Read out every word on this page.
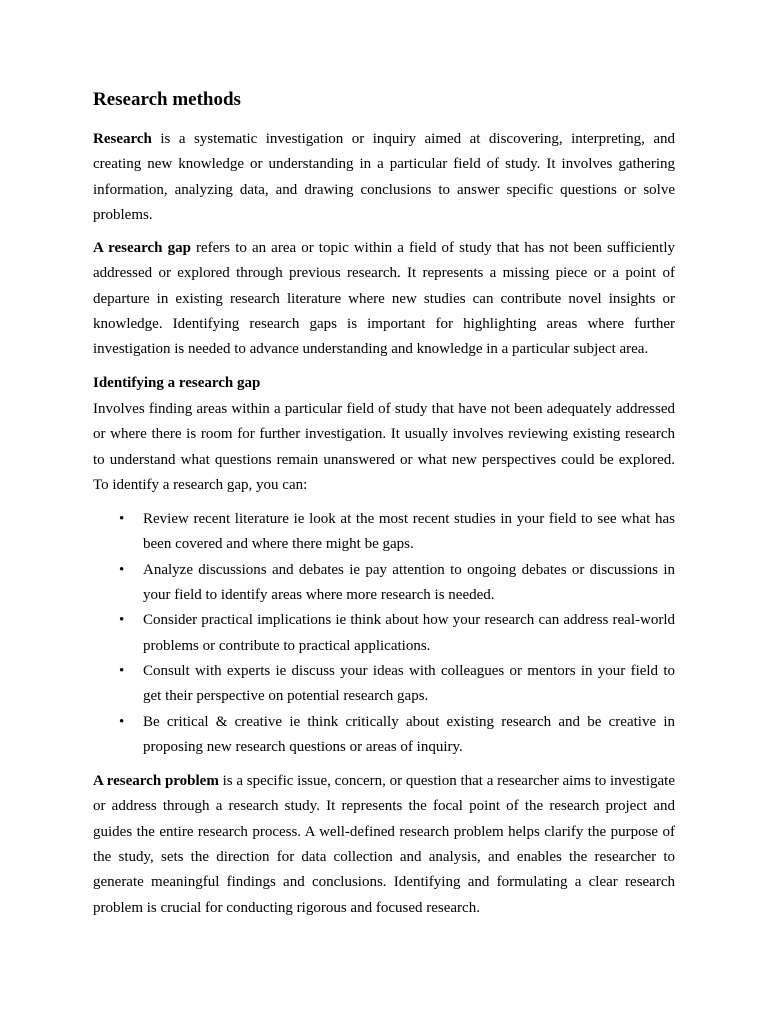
Research methods

Research is a systematic investigation or inquiry aimed at discovering, interpreting, and creating new knowledge or understanding in a particular field of study. It involves gathering information, analyzing data, and drawing conclusions to answer specific questions or solve problems.

A research gap refers to an area or topic within a field of study that has not been sufficiently addressed or explored through previous research. It represents a missing piece or a point of departure in existing research literature where new studies can contribute novel insights or knowledge. Identifying research gaps is important for highlighting areas where further investigation is needed to advance understanding and knowledge in a particular subject area.

Identifying a research gap

Involves finding areas within a particular field of study that have not been adequately addressed or where there is room for further investigation. It usually involves reviewing existing research to understand what questions remain unanswered or what new perspectives could be explored. To identify a research gap, you can:

• Review recent literature ie look at the most recent studies in your field to see what has been covered and where there might be gaps.
• Analyze discussions and debates ie pay attention to ongoing debates or discussions in your field to identify areas where more research is needed.
• Consider practical implications ie think about how your research can address real-world problems or contribute to practical applications.
• Consult with experts ie discuss your ideas with colleagues or mentors in your field to get their perspective on potential research gaps.
• Be critical & creative ie think critically about existing research and be creative in proposing new research questions or areas of inquiry.

A research problem is a specific issue, concern, or question that a researcher aims to investigate or address through a research study. It represents the focal point of the research project and guides the entire research process. A well-defined research problem helps clarify the purpose of the study, sets the direction for data collection and analysis, and enables the researcher to generate meaningful findings and conclusions. Identifying and formulating a clear research problem is crucial for conducting rigorous and focused research.
